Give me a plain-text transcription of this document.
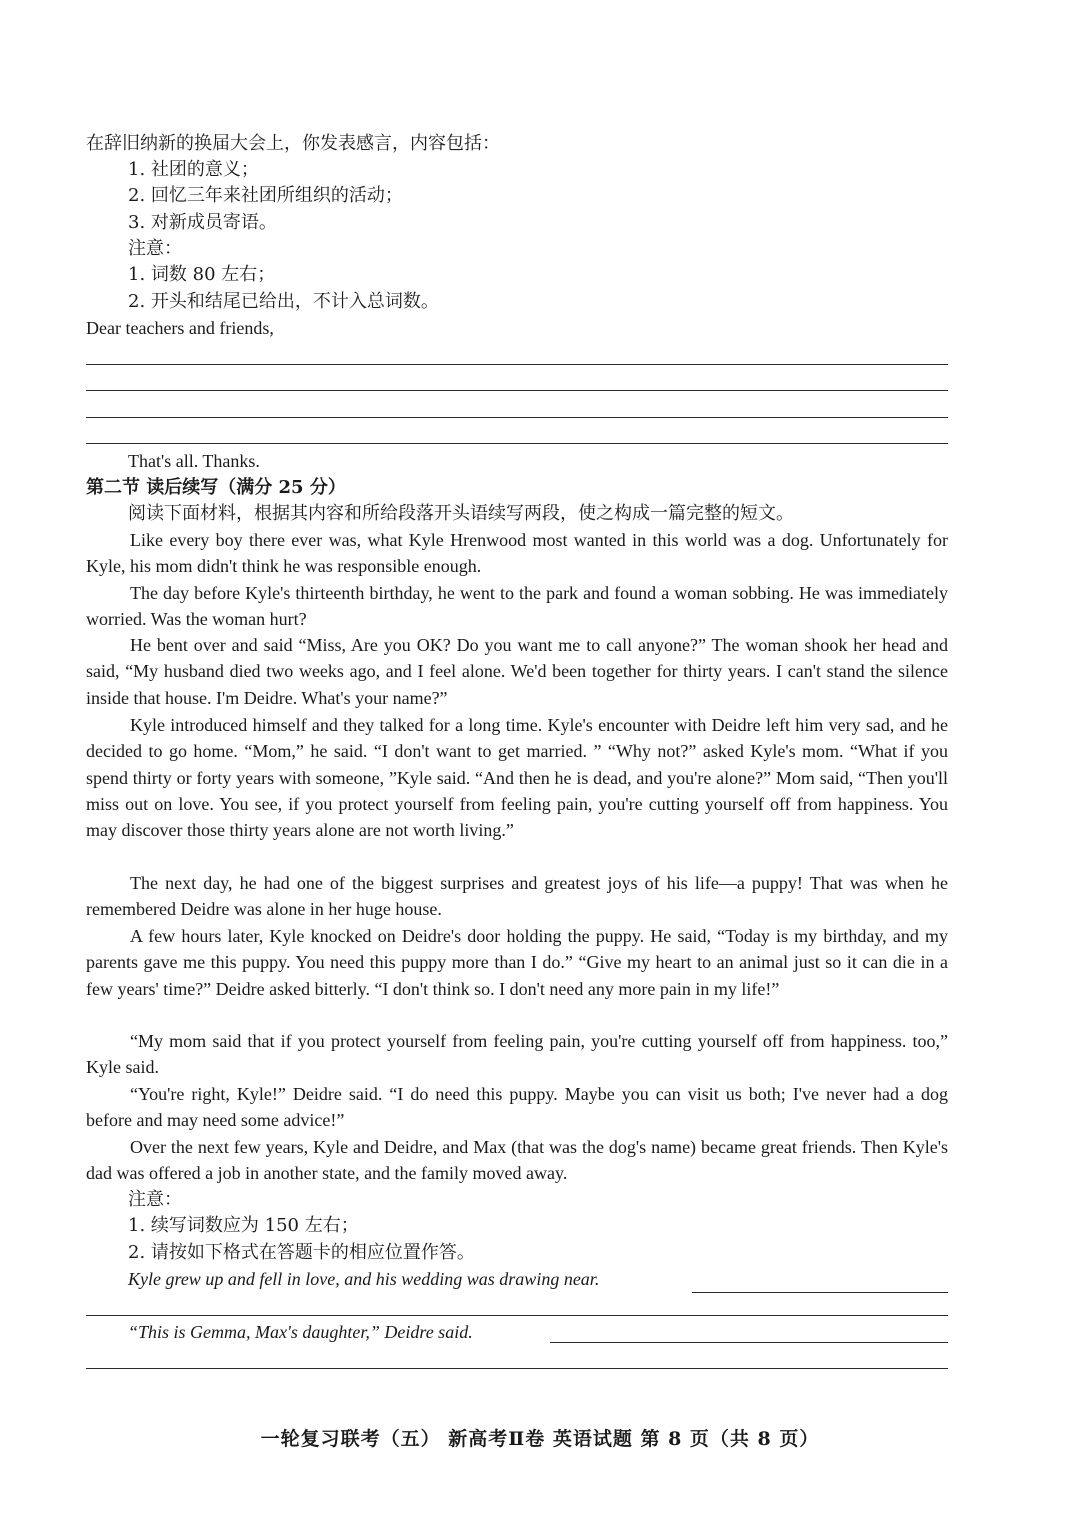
在辞旧纳新的换届大会上，你发表感言，内容包括：
1. 社团的意义；
2. 回忆三年来社团所组织的活动；
3. 对新成员寄语。
注意：
1. 词数 80 左右；
2. 开头和结尾已给出，不计入总词数。
Dear teachers and friends,
That's all. Thanks.
第二节 读后续写（满分 25 分）
阅读下面材料，根据其内容和所给段落开头语续写两段，使之构成一篇完整的短文。

Like every boy there ever was, what Kyle Hrenwood most wanted in this world was a dog. Unfortunately for Kyle, his mom didn't think he was responsible enough.

The day before Kyle's thirteenth birthday, he went to the park and found a woman sobbing. He was immediately worried. Was the woman hurt?

He bent over and said “Miss, Are you OK? Do you want me to call anyone?” The woman shook her head and said, “My husband died two weeks ago, and I feel alone. We'd been together for thirty years. I can't stand the silence inside that house. I'm Deidre. What's your name?”

Kyle introduced himself and they talked for a long time. Kyle's encounter with Deidre left him very sad, and he decided to go home. “Mom,” he said. “I don't want to get married. ” “Why not?” asked Kyle's mom. “What if you spend thirty or forty years with someone, ”Kyle said. “And then he is dead, and you're alone?” Mom said, “Then you'll miss out on love. You see, if you protect yourself from feeling pain, you're cutting yourself off from happiness. You may discover those thirty years alone are not worth living.”

The next day, he had one of the biggest surprises and greatest joys of his life—a puppy! That was when he remembered Deidre was alone in her huge house.

A few hours later, Kyle knocked on Deidre's door holding the puppy. He said, “Today is my birthday, and my parents gave me this puppy. You need this puppy more than I do.” “Give my heart to an animal just so it can die in a few years' time?” Deidre asked bitterly. “I don't think so. I don't need any more pain in my life!”

“My mom said that if you protect yourself from feeling pain, you're cutting yourself off from happiness. too,” Kyle said.

“You're right, Kyle!” Deidre said. “I do need this puppy. Maybe you can visit us both; I've never had a dog before and may need some advice!”

Over the next few years, Kyle and Deidre, and Max (that was the dog's name) became great friends. Then Kyle's dad was offered a job in another state, and the family moved away.

注意：
1. 续写词数应为 150 左右；
2. 请按如下格式在答题卡的相应位置作答。
Kyle grew up and fell in love, and his wedding was drawing near.
“This is Gemma, Max's daughter,” Deidre said.
一轮复习联考（五） 新高考Ⅱ卷 英语试题 第 8 页（共 8 页）
